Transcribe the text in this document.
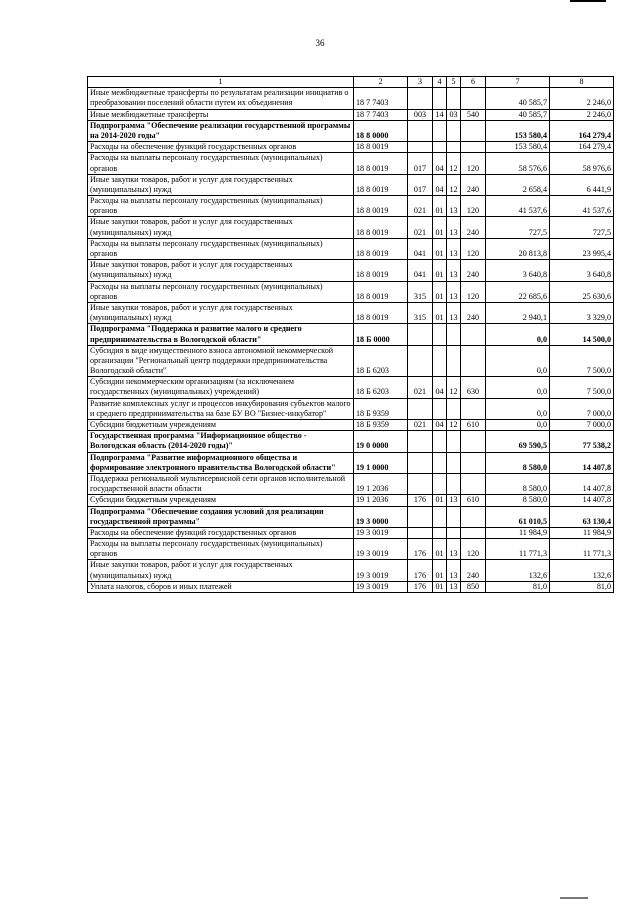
36
1	2	3	4	5	6	7	8
Иные межбюджетные трансферты по результатам реализации инициатив о преобразовании поселений области путем их объединения	18 7 7403					40 585,7	2 246,0
Иные межбюджетные трансферты	18 7 7403	003	14	03	540	40 585,7	2 246,0
Подпрограмма "Обеспечение реализации государственной программы на 2014-2020 годы"	18 8 0000					153 580,4	164 279,4
Расходы на обеспечение функций государственных органов	18 8 0019					153 580,4	164 279,4
Расходы на выплаты персоналу государственных (муниципальных) органов	18 8 0019	017	04	12	120	58 576,6	58 976,6
Иные закупки товаров, работ и услуг для государственных (муниципальных) нужд	18 8 0019	017	04	12	240	2 658,4	6 441,9
Расходы на выплаты персоналу государственных (муниципальных) органов	18 8 0019	021	01	13	120	41 537,6	41 537,6
Иные закупки товаров, работ и услуг для государственных (муниципальных) нужд	18 8 0019	021	01	13	240	727,5	727,5
Расходы на выплаты персоналу государственных (муниципальных) органов	18 8 0019	041	01	13	120	20 813,8	23 995,4
Иные закупки товаров, работ и услуг для государственных (муниципальных) нужд	18 8 0019	041	01	13	240	3 640,8	3 640,8
Расходы на выплаты персоналу государственных (муниципальных) органов	18 8 0019	315	01	13	120	22 685,6	25 630,6
Иные закупки товаров, работ и услуг для государственных (муниципальных) нужд	18 8 0019	315	01	13	240	2 940,1	3 329,0
Подпрограмма "Поддержка и развитие малого и среднего предпринимательства в Вологодской области"	18 Б 0000					0,0	14 500,0
Субсидия в виде имущественного взноса автономной некоммерческой организации "Региональный центр поддержки предпринимательства Вологодской области"	18 Б 6203					0,0	7 500,0
Субсидии некоммерческим организациям (за исключением государственных (муниципальных) учреждений)	18 Б 6203	021	04	12	630	0,0	7 500,0
Развитие комплексных услуг и процессов инкубирования субъектов малого и среднего предпринимательства на базе БУ ВО "Бизнес-инкубатор"	18 Б 9359					0,0	7 000,0
Субсидии бюджетным учреждениям	18 Б 9359	021	04	12	610	0,0	7 000,0
Государственная программа "Информационное общество - Вологодская область (2014-2020 годы)"	19 0 0000					69 590,5	77 538,2
Подпрограмма "Развитие информационного общества и формирование электронного правительства Вологодской области"	19 1 0000					8 580,0	14 407,8
Поддержка региональной мультисервисной сети органов исполнительной государственной власти области	19 1 2036					8 580,0	14 407,8
Субсидии бюджетным учреждениям	19 1 2036	176	01	13	610	8 580,0	14 407,8
Подпрограмма "Обеспечение создания условий для реализации государственной программы"	19 3 0000					61 010,5	63 130,4
Расходы на обеспечение функций государственных органов	19 3 0019					11 984,9	11 984,9
Расходы на выплаты персоналу государственных (муниципальных) органов	19 3 0019	176	01	13	120	11 771,3	11 771,3
Иные закупки товаров, работ и услуг для государственных (муниципальных) нужд	19 3 0019	176	01	13	240	132,6	132,6
Уплата налогов, сборов и иных платежей	19 3 0019	176	01	13	850	81,0	81,0
